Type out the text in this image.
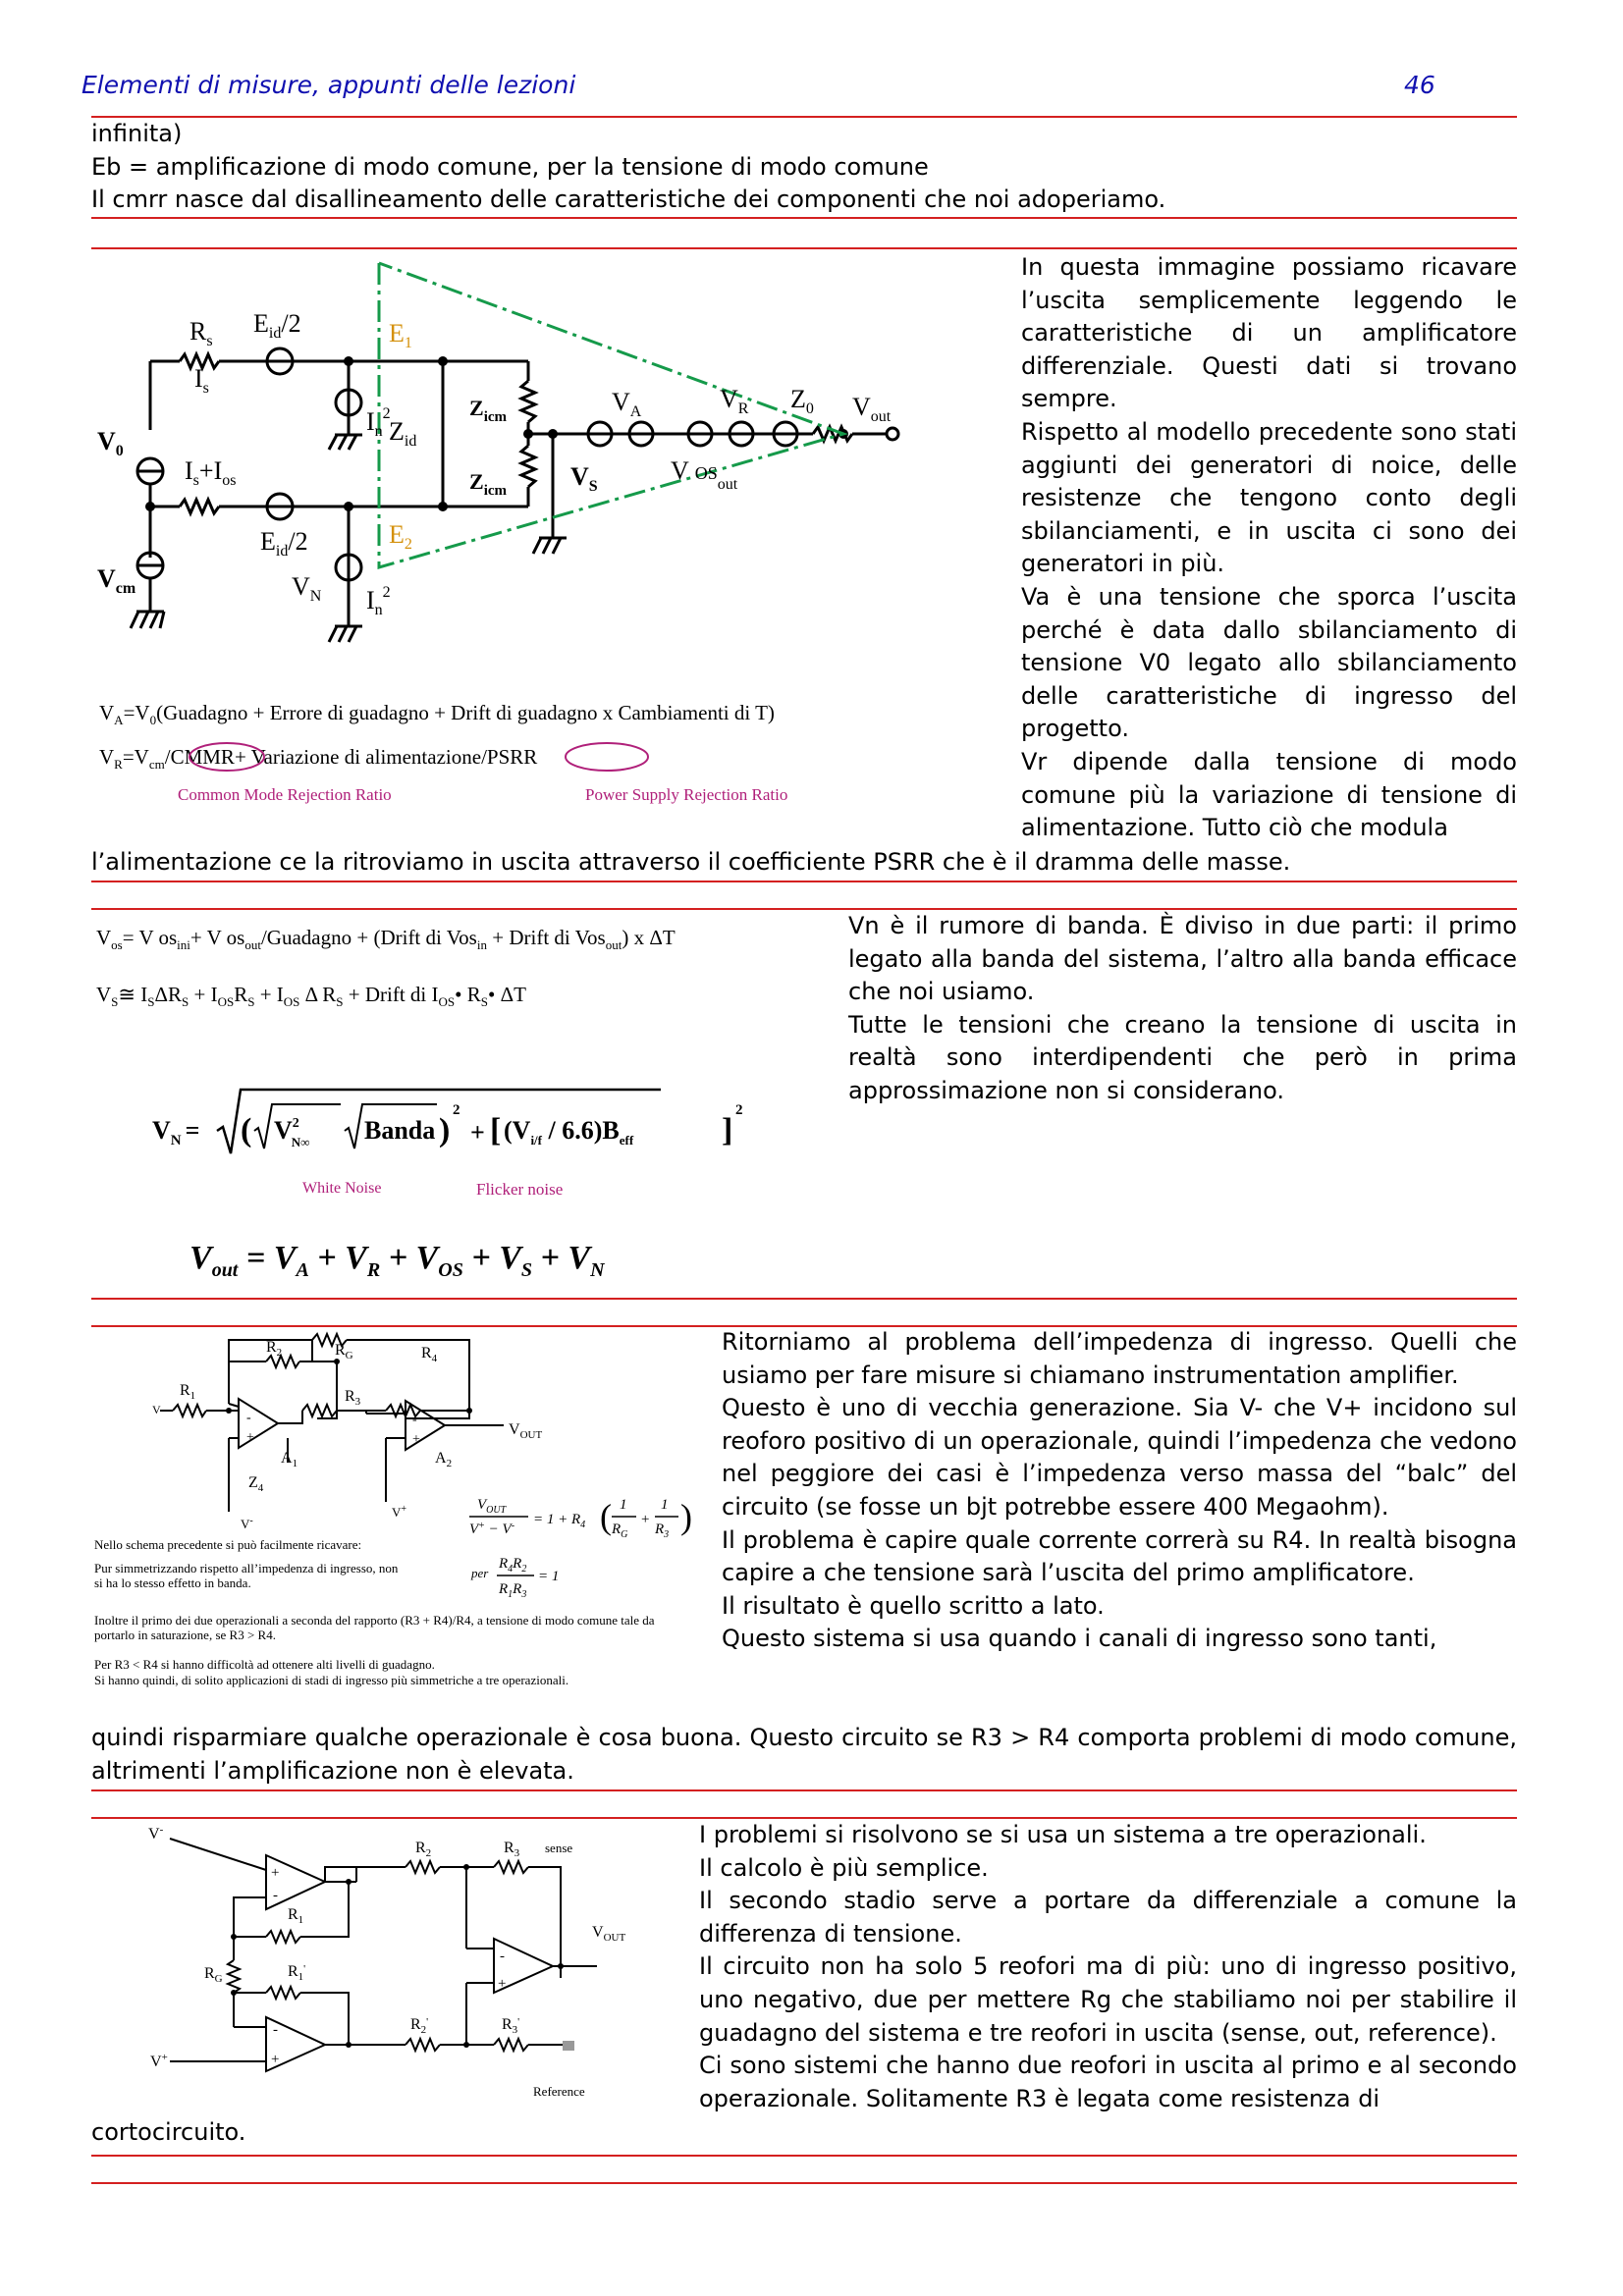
Elementi di misure, appunti delle lezioni	46
infinita)
Eb = amplificazione di modo comune, per la tensione di modo comune
Il cmrr nasce dal disallineamento delle caratteristiche dei componenti che noi adoperiamo.
$R_s$
$E_{id}/2$	$E_1$
$I_s$
$V_0$
$I_s+I_{os}$
$E_{id}/2$	$E_2$
$V_{cm}$	$V_N$
$I_n^2$
$I_n^2$
$Z_{id}$
$Z_{icm}$
$Z_{icm}$
$V_A$	$V_R$ $Z_0$ $V_{out}$
$V_S$
V $OS_{out}$
$V_A=V_0(Guadagno$ + Errore di guadagno + Drift di guadagno x Cambiamenti di T)
$V_R=V_{cm}/CMMR+$ Variazione di alimentazione/PSRR
Common Mode Rejection Ratio	Power Supply Rejection Ratio
In questa immagine possiamo ricavare l’uscita semplicemente leggendo le caratteristiche di un amplificatore differenziale. Questi dati si trovano sempre.
Rispetto al modello precedente sono stati aggiunti dei generatori di noice, delle resistenze che tengono conto degli sbilanciamenti, e in uscita ci sono dei generatori in più.
Va è una tensione che sporca l’uscita perché è data dallo sbilanciamento di tensione V0 legato allo sbilanciamento delle caratteristiche di ingresso del progetto.
Vr dipende dalla tensione di modo comune più la variazione di tensione di alimentazione. Tutto ciò che modula
l’alimentazione ce la ritroviamo in uscita attraverso il coefficiente PSRR che è il dramma delle masse.
$V_{os}= V$ $os_{ini}+ V$ $os_{out}$/Guadagno + (Drift di Vos$_{in}$ + Drift di Vos$_{out}$) x ΔT
$V_S≅$ $I_S\Delta R_S + I_{OS}R_S + I_{OS}$ Δ $R_S$ + Drift di $I_{OS}•$ $R_S•$ ΔT
$V_N$ = ( $V^2$ N∞ Banda )
2
+ [ $(V_{i/f} / 6.6)B_{eff}$	]
2
White Noise	Flicker noise
$V_{out} = V_A + V_R + V_{OS} + V_S + V_N$
Vn è il rumore di banda. È diviso in due parti: il primo legato alla banda del sistema, l’altro alla banda efficace che noi usiamo.
Tutte le tensioni che creano la tensione di uscita in realtà sono interdipendenti che però in prima approssimazione non si considerano.
V
$R_1$
$R_2$	$R_G$
$R_3$
$R_4$
-
+
-
+
$A_1$	$A_2$
$V_{OUT}$
$Z_4$
V-
V+	$V_{OUT}$
$V^+ - V^- = 1 + R_4$ ( 1
$R_G$
+
1
$R_3$ )
per
$R_4R_2$
$R_1R_3$
= 1
Nello schema precedente si può facilmente ricavare:
Pur simmetrizzando rispetto all’impedenza di ingresso, non si ha lo stesso effetto in banda.
Inoltre il primo dei due operazionali a seconda del rapporto (R3 + R4)/R4, a tensione di modo comune tale da portarlo in saturazione, se R3 > R4.
Per R3 < R4 si hanno difficoltà ad ottenere alti livelli di guadagno.
Si hanno quindi, di solito applicazioni di stadi di ingresso più simmetriche a tre operazionali.
Ritorniamo al problema dell’impedenza di ingresso. Quelli che usiamo per fare misure si chiamano instrumentation amplifier.
Questo è uno di vecchia generazione. Sia V- che V+ incidono sul reoforo positivo di un operazionale, quindi l’impedenza che vedono nel peggiore dei casi è l’impedenza verso massa del “balc” del circuito (se fosse un bjt potrebbe essere 400 Megaohm).
Il problema è capire quale corrente correrà su R4. In realtà bisogna capire a che tensione sarà l’uscita del primo amplificatore.
Il risultato è quello scritto a lato.
Questo sistema si usa quando i canali di ingresso sono tanti,
quindi risparmiare qualche operazionale è cosa buona. Questo circuito se R3 > R4 comporta problemi di modo comune, altrimenti l’amplificazione non è elevata.
V-
V+
+
-
-
+
-
+
$R_1$
$R_1'$
$R_G$
$R_2$	$R_3$ sense
$V_{OUT}$
$R_2'$	$R_3'$
Reference
I problemi si risolvono se si usa un sistema a tre operazionali.
Il calcolo è più semplice.
Il secondo stadio serve a portare da differenziale a comune la differenza di tensione.
Il circuito non ha solo 5 reofori ma di più: uno di ingresso positivo, uno negativo, due per mettere Rg che stabiliamo noi per stabilire il guadagno del sistema e tre reofori in uscita (sense, out, reference).
Ci sono sistemi che hanno due reofori in uscita al primo e al secondo operazionale. Solitamente R3 è legata come resistenza di
cortocircuito.
